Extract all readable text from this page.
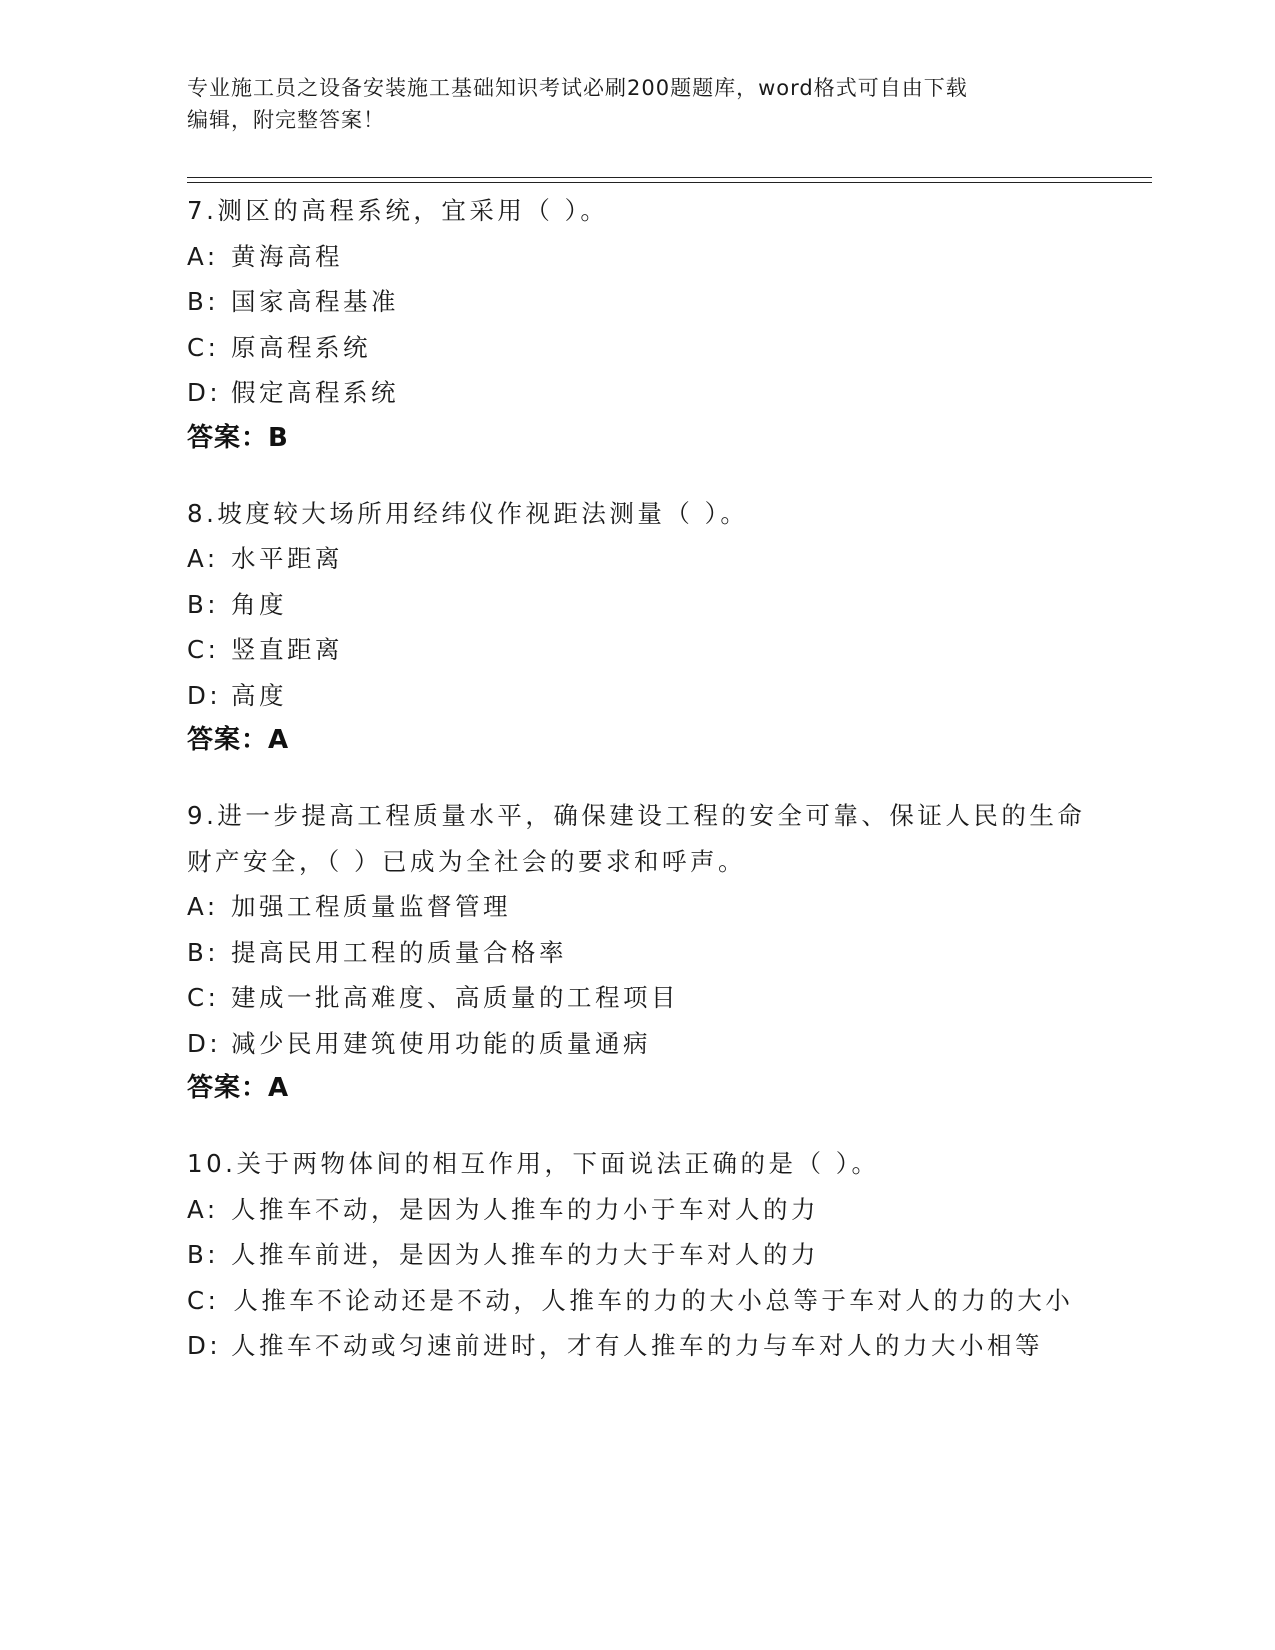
专业施工员之设备安装施工基础知识考试必刷200题题库，word格式可自由下载
编辑，附完整答案！
7.测区的高程系统，宜采用（ ）。
A: 黄海高程
B: 国家高程基准
C: 原高程系统
D: 假定高程系统
答案：B
8.坡度较大场所用经纬仪作视距法测量（ ）。
A: 水平距离
B: 角度
C: 竖直距离
D: 高度
答案：A
9.进一步提高工程质量水平，确保建设工程的安全可靠、保证人民的生命财产安全，（ ）已成为全社会的要求和呼声。
A: 加强工程质量监督管理
B: 提高民用工程的质量合格率
C: 建成一批高难度、高质量的工程项目
D: 减少民用建筑使用功能的质量通病
答案：A
10.关于两物体间的相互作用，下面说法正确的是（ ）。
A: 人推车不动，是因为人推车的力小于车对人的力
B: 人推车前进，是因为人推车的力大于车对人的力
C: 人推车不论动还是不动，人推车的力的大小总等于车对人的力的大小
D: 人推车不动或匀速前进时，才有人推车的力与车对人的力大小相等
